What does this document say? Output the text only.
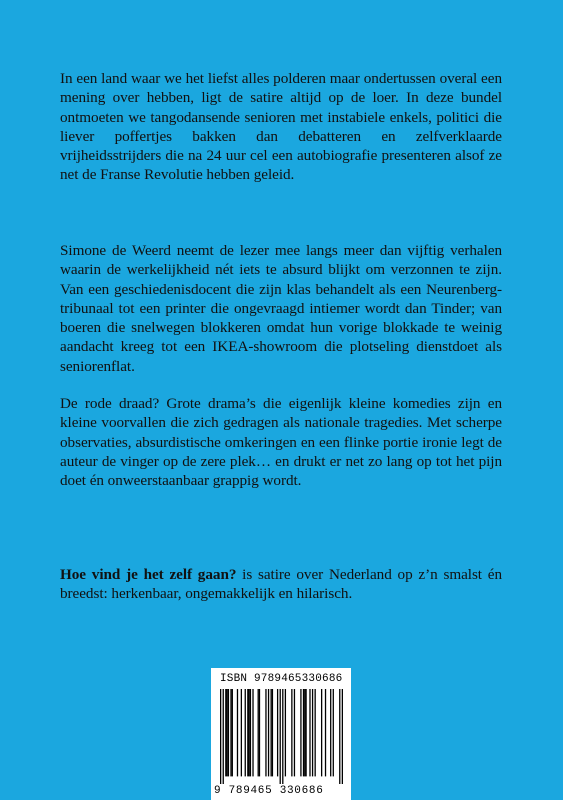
In een land waar we het liefst alles polderen maar ondertussen overal een mening over hebben, ligt de satire altijd op de loer. In deze bundel ontmoeten we tangodansende senioren met instabiele enkels, politici die liever poffertjes bakken dan debatteren en zelfverklaarde vrijheidsstrijders die na 24 uur cel een autobiografie presenteren alsof ze net de Franse Revolutie hebben geleid.
Simone de Weerd neemt de lezer mee langs meer dan vijftig verhalen waarin de werkelijkheid nét iets te absurd blijkt om verzonnen te zijn. Van een geschiedenisdocent die zijn klas behandelt als een Neurenberg-tribunaal tot een printer die ongevraagd intiemer wordt dan Tinder; van boeren die snelwegen blokkeren omdat hun vorige blokkade te weinig aandacht kreeg tot een IKEA-showroom die plotseling dienstdoet als seniorenflat.
De rode draad? Grote drama’s die eigenlijk kleine komedies zijn en kleine voorvallen die zich gedragen als nationale tragedies. Met scherpe observaties, absurdistische omkeringen en een flinke portie ironie legt de auteur de vinger op de zere plek… en drukt er net zo lang op tot het pijn doet én onweerstaanbaar grappig wordt.
Hoe vind je het zelf gaan? is satire over Nederland op z’n smalst én breedst: herkenbaar, ongemakkelijk en hilarisch.
ISBN 9789465330686
9 789465 330686
